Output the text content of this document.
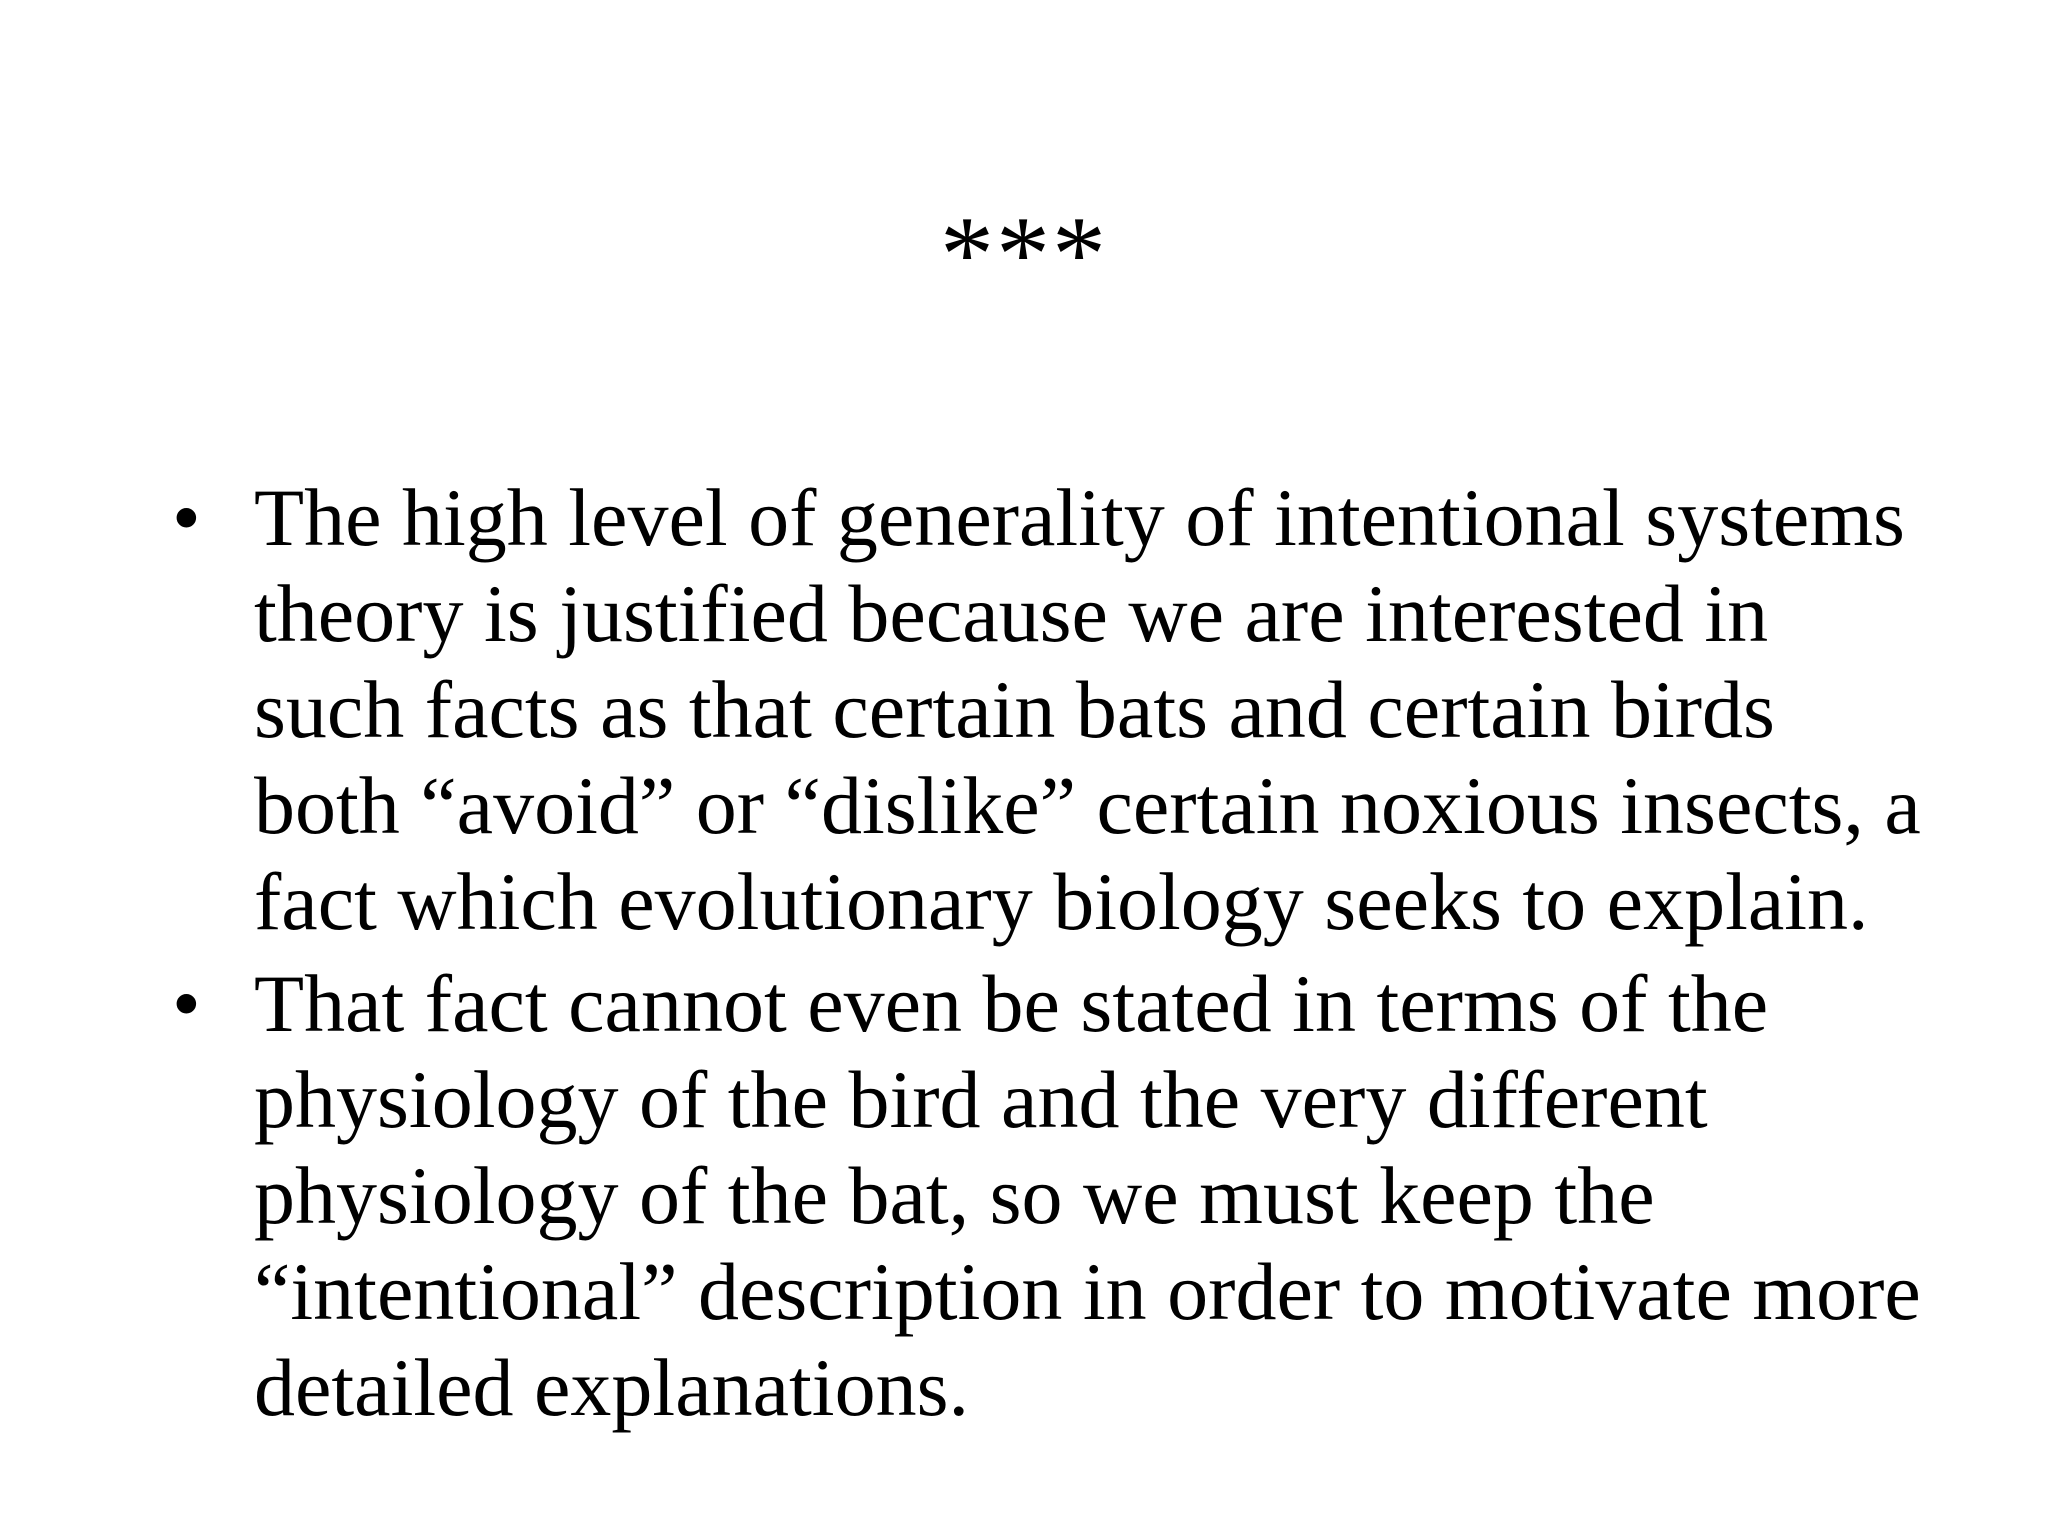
***
• The high level of generality of intentional systems theory is justified because we are interested in such facts as that certain bats and certain birds both “avoid” or “dislike” certain noxious insects, a fact which evolutionary biology seeks to explain.
• That fact cannot even be stated in terms of the physiology of the bird and the very different physiology of the bat, so we must keep the “intentional” description in order to motivate more detailed explanations.
